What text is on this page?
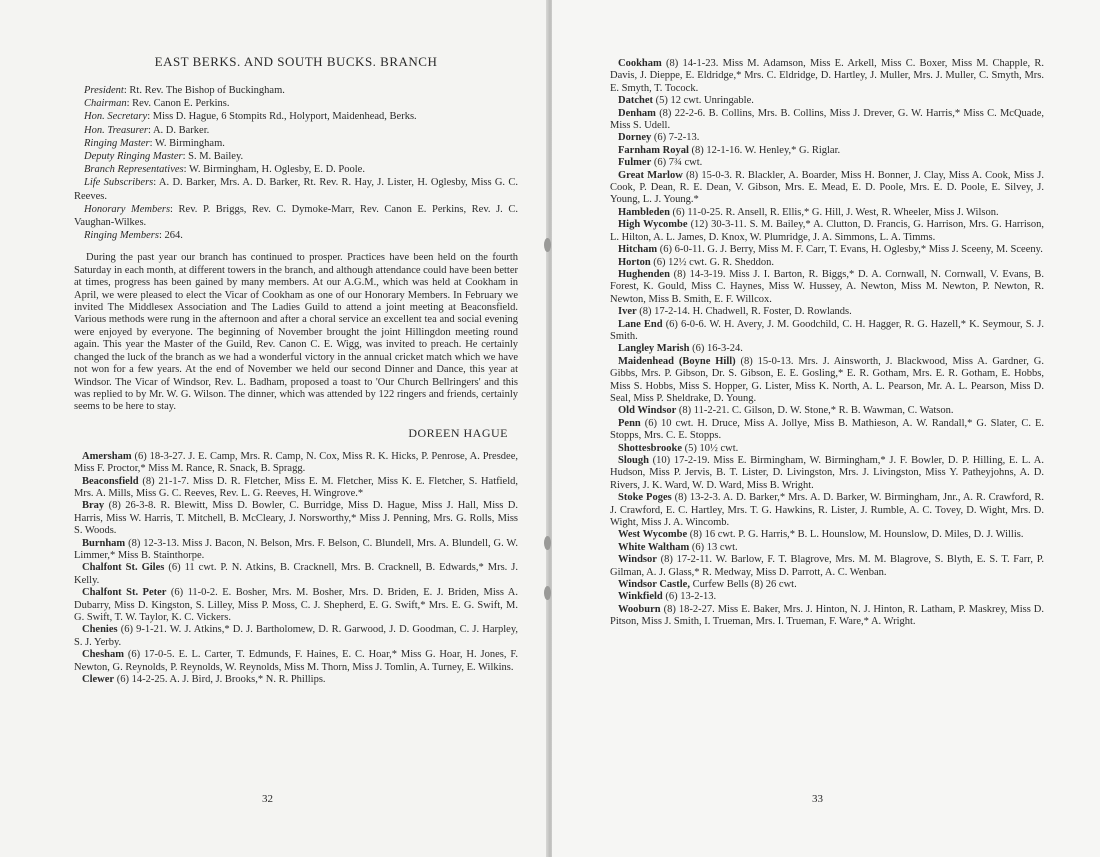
EAST BERKS. AND SOUTH BUCKS. BRANCH

President: Rt. Rev. The Bishop of Buckingham.

Chairman: Rev. Canon E. Perkins.

Hon. Secretary: Miss D. Hague, 6 Stompits Rd., Holyport, Maidenhead, Berks.

Hon. Treasurer: A. D. Barker.

Ringing Master: W. Birmingham.

Deputy Ringing Master: S. M. Bailey.

Branch Representatives: W. Birmingham, H. Oglesby, E. D. Poole.

Life Subscribers: A. D. Barker, Mrs. A. D. Barker, Rt. Rev. R. Hay, J. Lister, H. Oglesby, Miss G. C. Reeves.

Honorary Members: Rev. P. Briggs, Rev. C. Dymoke-Marr, Rev. Canon E. Perkins, Rev. J. C. Vaughan-Wilkes.

Ringing Members: 264.

During the past year our branch has continued to prosper. Practices have been held on the fourth Saturday in each month, at different towers in the branch, and although attendance could have been better at times, progress has been gained by many members. At our A.G.M., which was held at Cookham in April, we were pleased to elect the Vicar of Cookham as one of our Honorary Members. In February we invited The Middlesex Association and The Ladies Guild to attend a joint meeting at Beaconsfield. Various methods were rung in the afternoon and after a choral service an excellent tea and social evening were enjoyed by everyone. The beginning of November brought the joint Hillingdon meeting round again. This year the Master of the Guild, Rev. Canon C. E. Wigg, was invited to preach. He certainly changed the luck of the branch as we had a wonderful victory in the annual cricket match which we have not won for a few years. At the end of November we held our second Dinner and Dance, this year at Windsor. The Vicar of Windsor, Rev. L. Badham, proposed a toast to 'Our Church Bellringers' and this was replied to by Mr. W. G. Wilson. The dinner, which was attended by 122 ringers and friends, certainly seems to be here to stay.

DOREEN HAGUE

Amersham (6) 18-3-27. J. E. Camp, Mrs. R. Camp, N. Cox, Miss R. K. Hicks, P. Penrose, A. Presdee, Miss F. Proctor,* Miss M. Rance, R. Snack, B. Spragg.

Beaconsfield (8) 21-1-7. Miss D. R. Fletcher, Miss E. M. Fletcher, Miss K. E. Fletcher, S. Hatfield, Mrs. A. Mills, Miss G. C. Reeves, Rev. L. G. Reeves, H. Wingrove.*

Bray (8) 26-3-8. R. Blewitt, Miss D. Bowler, C. Burridge, Miss D. Hague, Miss J. Hall, Miss D. Harris, Miss W. Harris, T. Mitchell, B. McCleary, J. Norsworthy,* Miss J. Penning, Mrs. G. Rolls, Miss S. Woods.

Burnham (8) 12-3-13. Miss J. Bacon, N. Belson, Mrs. F. Belson, C. Blundell, Mrs. A. Blundell, G. W. Limmer,* Miss B. Stainthorpe.

Chalfont St. Giles (6) 11 cwt. P. N. Atkins, B. Cracknell, Mrs. B. Cracknell, B. Edwards,* Mrs. J. Kelly.

Chalfont St. Peter (6) 11-0-2. E. Bosher, Mrs. M. Bosher, Mrs. D. Briden, E. J. Briden, Miss A. Dubarry, Miss D. Kingston, S. Lilley, Miss P. Moss, C. J. Shepherd, E. G. Swift,* Mrs. E. G. Swift, M. G. Swift, T. W. Taylor, K. C. Vickers.

Chenies (6) 9-1-21. W. J. Atkins,* D. J. Bartholomew, D. R. Garwood, J. D. Goodman, C. J. Harpley, S. J. Yerby.

Chesham (6) 17-0-5. E. L. Carter, T. Edmunds, F. Haines, E. C. Hoar,* Miss G. Hoar, H. Jones, F. Newton, G. Reynolds, P. Reynolds, W. Reynolds, Miss M. Thorn, Miss J. Tomlin, A. Turney, E. Wilkins.

Clewer (6) 14-2-25. A. J. Bird, J. Brooks,* N. R. Phillips.

32

Cookham (8) 14-1-23. Miss M. Adamson, Miss E. Arkell, Miss C. Boxer, Miss M. Chapple, R. Davis, J. Dieppe, E. Eldridge,* Mrs. C. Eldridge, D. Hartley, J. Muller, Mrs. J. Muller, C. Smyth, Mrs. E. Smyth, T. Tocock.

Datchet (5) 12 cwt. Unringable.

Denham (8) 22-2-6. B. Collins, Mrs. B. Collins, Miss J. Drever, G. W. Harris,* Miss C. McQuade, Miss S. Udell.

Dorney (6) 7-2-13.

Farnham Royal (8) 12-1-16. W. Henley,* G. Riglar.

Fulmer (6) 7¾ cwt.

Great Marlow (8) 15-0-3. R. Blackler, A. Boarder, Miss H. Bonner, J. Clay, Miss A. Cook, Miss J. Cook, P. Dean, R. E. Dean, V. Gibson, Mrs. E. Mead, E. D. Poole, Mrs. E. D. Poole, E. Silvey, J. Young, L. J. Young.*

Hambleden (6) 11-0-25. R. Ansell, R. Ellis,* G. Hill, J. West, R. Wheeler, Miss J. Wilson.

High Wycombe (12) 30-3-11. S. M. Bailey,* A. Clutton, D. Francis, G. Harrison, Mrs. G. Harrison, L. Hilton, A. L. James, D. Knox, W. Plumridge, J. A. Simmons, L. A. Timms.

Hitcham (6) 6-0-11. G. J. Berry, Miss M. F. Carr, T. Evans, H. Oglesby,* Miss J. Sceeny, M. Sceeny.

Horton (6) 12½ cwt. G. R. Sheddon.

Hughenden (8) 14-3-19. Miss J. I. Barton, R. Biggs,* D. A. Cornwall, N. Cornwall, V. Evans, B. Forest, K. Gould, Miss C. Haynes, Miss W. Hussey, A. Newton, Miss M. Newton, P. Newton, R. Newton, Miss B. Smith, E. F. Willcox.

Iver (8) 17-2-14. H. Chadwell, R. Foster, D. Rowlands.

Lane End (6) 6-0-6. W. H. Avery, J. M. Goodchild, C. H. Hagger, R. G. Hazell,* K. Seymour, S. J. Smith.

Langley Marish (6) 16-3-24.

Maidenhead (Boyne Hill) (8) 15-0-13. Mrs. J. Ainsworth, J. Blackwood, Miss A. Gardner, G. Gibbs, Mrs. P. Gibson, Dr. S. Gibson, E. E. Gosling,* E. R. Gotham, Mrs. E. R. Gotham, E. Hobbs, Miss S. Hobbs, Miss S. Hopper, G. Lister, Miss K. North, A. L. Pearson, Mr. A. L. Pearson, Miss D. Seal, Miss P. Sheldrake, D. Young.

Old Windsor (8) 11-2-21. C. Gilson, D. W. Stone,* R. B. Wawman, C. Watson.

Penn (6) 10 cwt. H. Druce, Miss A. Jollye, Miss B. Mathieson, A. W. Randall,* G. Slater, C. E. Stopps, Mrs. C. E. Stopps.

Shottesbrooke (5) 10½ cwt.

Slough (10) 17-2-19. Miss E. Birmingham, W. Birmingham,* J. F. Bowler, D. P. Hilling, E. L. A. Hudson, Miss P. Jervis, B. T. Lister, D. Livingston, Mrs. J. Livingston, Miss Y. Patheyjohns, A. D. Rivers, J. K. Ward, W. D. Ward, Miss B. Wright.

Stoke Poges (8) 13-2-3. A. D. Barker,* Mrs. A. D. Barker, W. Birmingham, Jnr., A. R. Crawford, R. J. Crawford, E. C. Hartley, Mrs. T. G. Hawkins, R. Lister, J. Rumble, A. C. Tovey, D. Wight, Mrs. D. Wight, Miss J. A. Wincomb.

West Wycombe (8) 16 cwt. P. G. Harris,* B. L. Hounslow, M. Hounslow, D. Miles, D. J. Willis.

White Waltham (6) 13 cwt.

Windsor (8) 17-2-11. W. Barlow, F. T. Blagrove, Mrs. M. M. Blagrove, S. Blyth, E. S. T. Farr, P. Gilman, A. J. Glass,* R. Medway, Miss D. Parrott, A. C. Wenban.

Windsor Castle, Curfew Bells (8) 26 cwt.

Winkfield (6) 13-2-13.

Wooburn (8) 18-2-27. Miss E. Baker, Mrs. J. Hinton, N. J. Hinton, R. Latham, P. Maskrey, Miss D. Pitson, Miss J. Smith, I. Trueman, Mrs. I. Trueman, F. Ware,* A. Wright.

33
